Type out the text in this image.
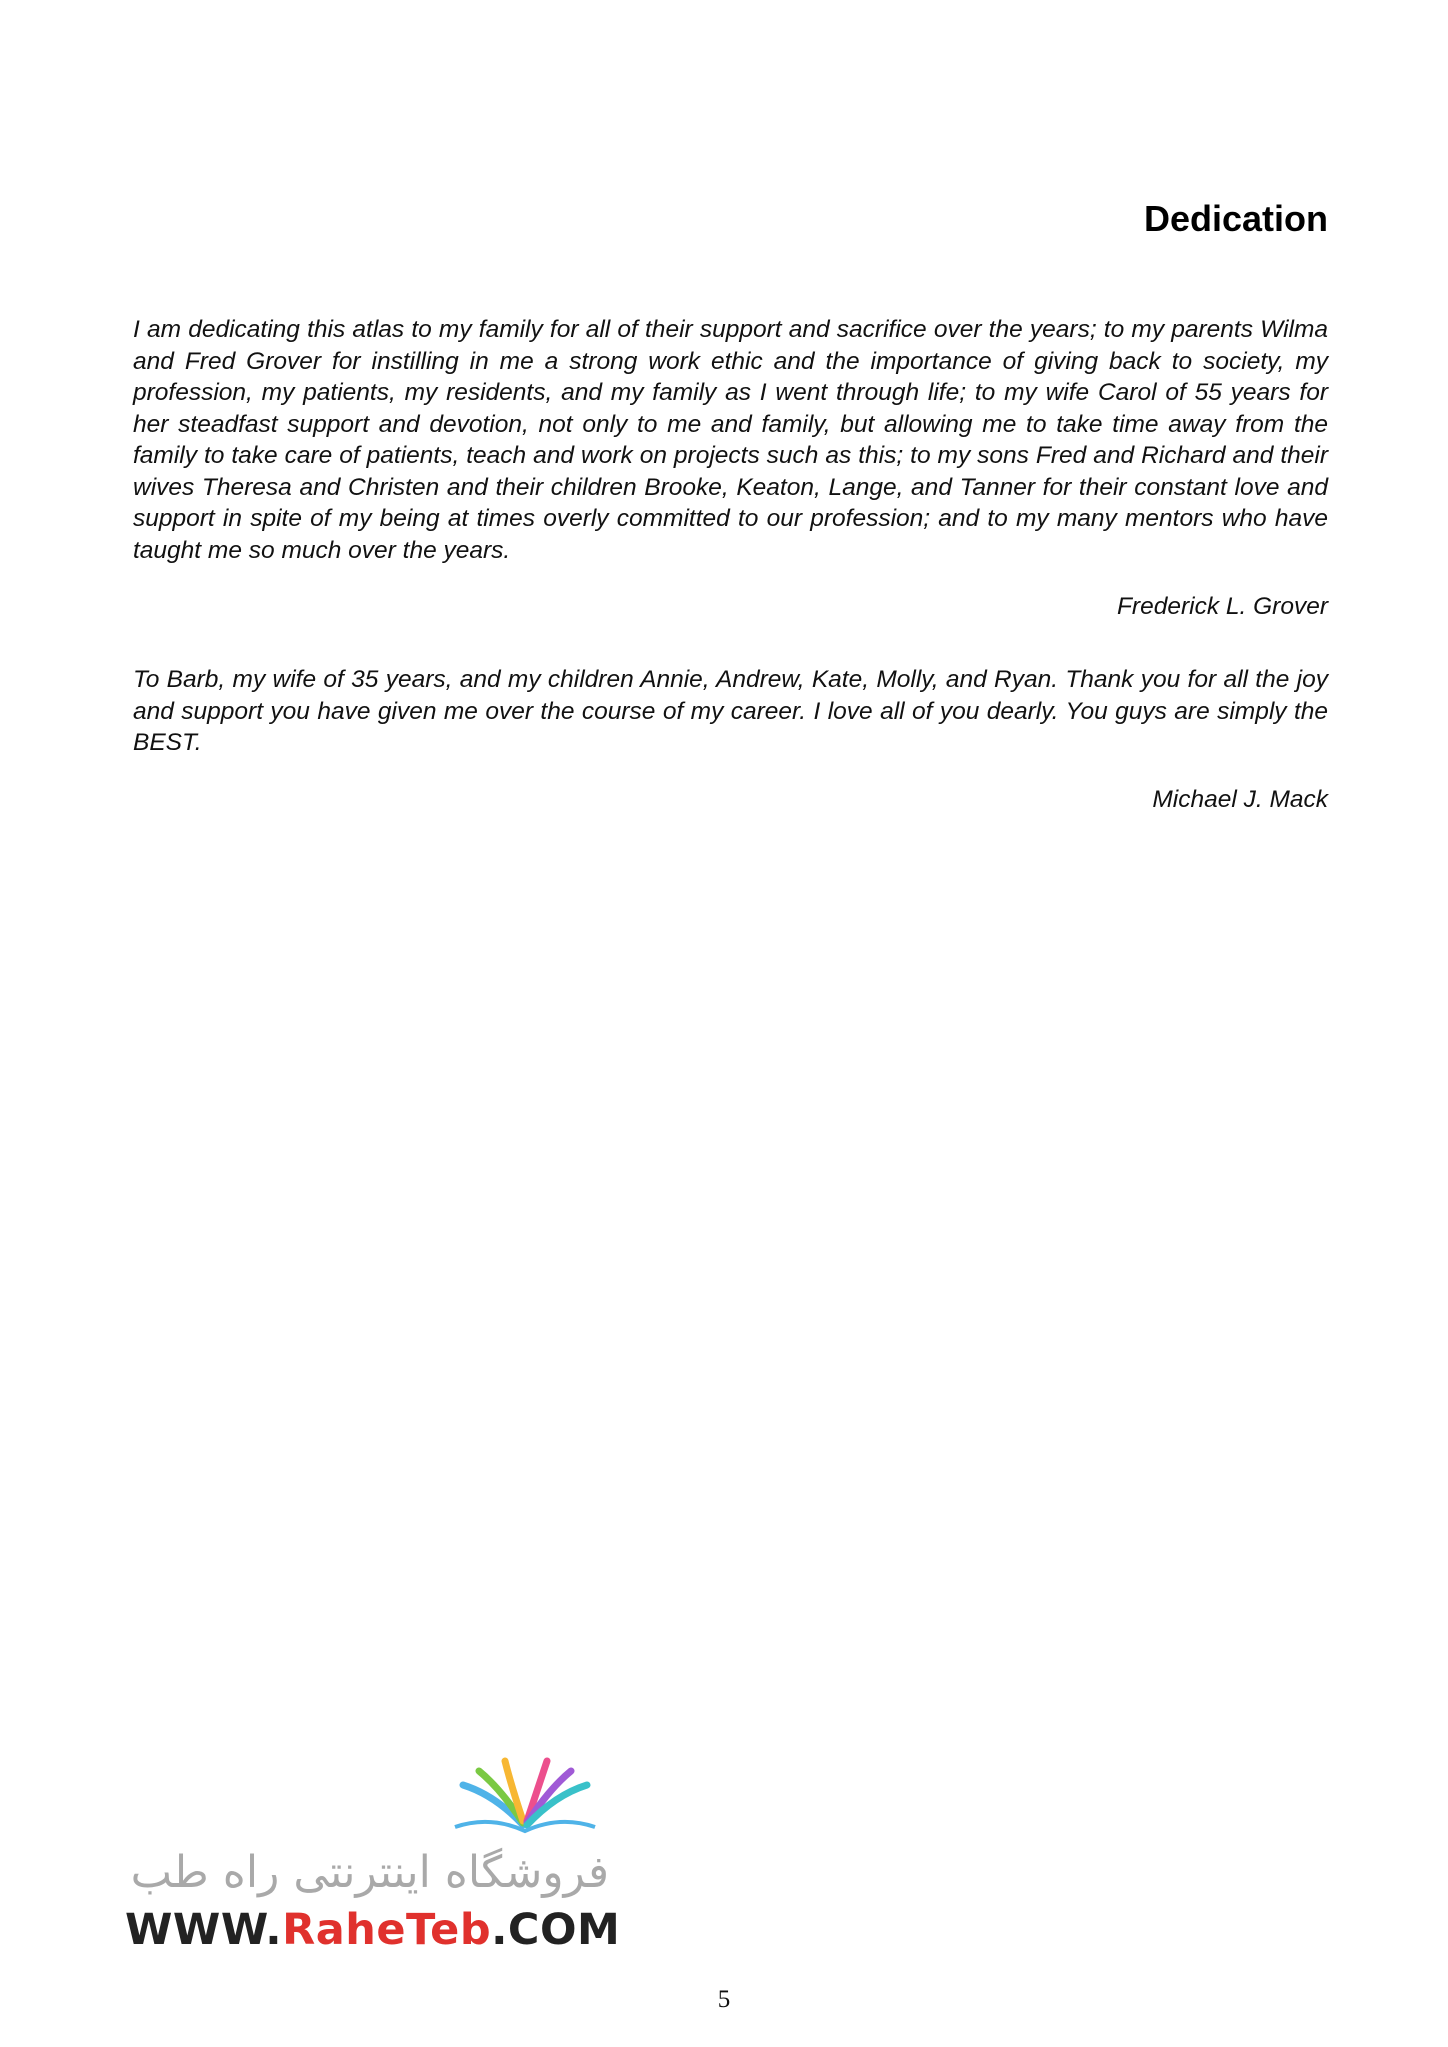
Dedication

I am dedicating this atlas to my family for all of their support and sacrifice over the years; to my parents Wilma and Fred Grover for instilling in me a strong work ethic and the importance of giving back to society, my profession, my patients, my residents, and my family as I went through life; to my wife Carol of 55 years for her steadfast support and devotion, not only to me and family, but allowing me to take time away from the family to take care of patients, teach and work on projects such as this; to my sons Fred and Richard and their wives Theresa and Christen and their children Brooke, Keaton, Lange, and Tanner for their constant love and support in spite of my being at times overly committed to our profession; and to my many mentors who have taught me so much over the years.

Frederick L. Grover

To Barb, my wife of 35 years, and my children Annie, Andrew, Kate, Molly, and Ryan. Thank you for all the joy and support you have given me over the course of my career. I love all of you dearly. You guys are simply the BEST.

Michael J. Mack

فروشگاه اینترنتی راه طب
WWW.RaheTeb.COM
5
